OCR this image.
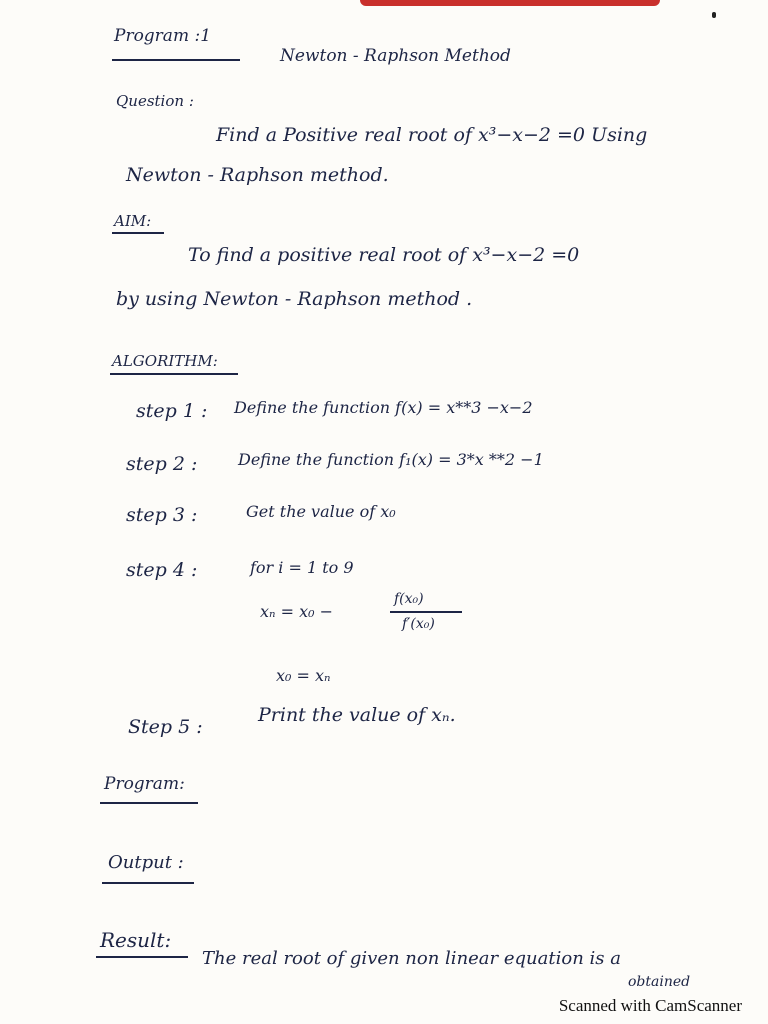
Program :1
Newton - Raphson Method
Question :
Find a Positive real root of x³−x−2 =0 Using
Newton - Raphson method.
AIM:
To find a positive real root of x³−x−2 =0
by using Newton - Raphson method .
ALGORITHM:
step 1 : Define the function f(x) = x**3 −x−2
step 2 :	Define the function f₁(x) = 3*x **2 −1
step 3 :	Get the value of x₀
step 4 :	for i = 1 to 9
xₙ = x₀ −
f(x₀)
f′(x₀)
x₀ = xₙ
Step 5 :
Print the value of xₙ.
Program:
Output :
Result:
The real root of given non linear equation is a
obtained
Scanned with CamScanner
